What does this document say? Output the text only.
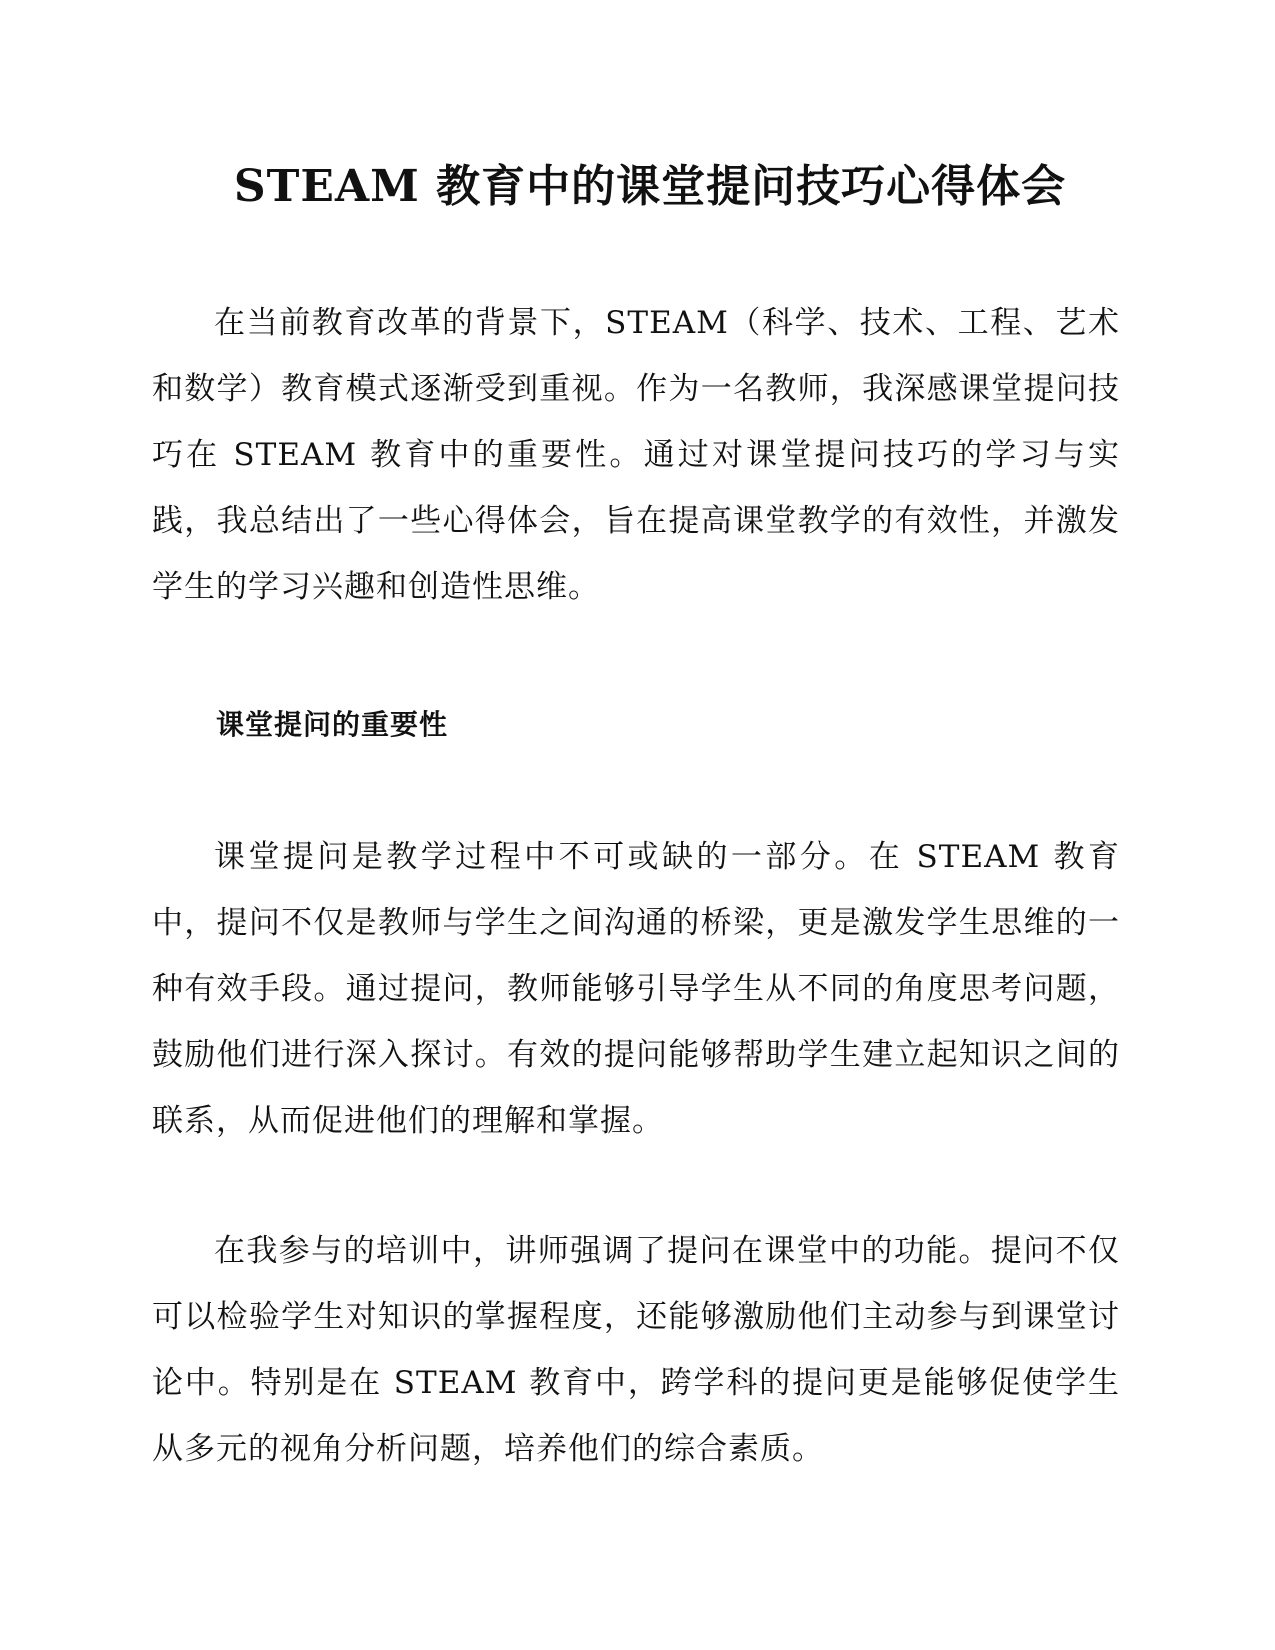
STEAM 教育中的课堂提问技巧心得体会

在当前教育改革的背景下，STEAM（科学、技术、工程、艺术和数学）教育模式逐渐受到重视。作为一名教师，我深感课堂提问技巧在 STEAM 教育中的重要性。通过对课堂提问技巧的学习与实践，我总结出了一些心得体会，旨在提高课堂教学的有效性，并激发学生的学习兴趣和创造性思维。

课堂提问的重要性

课堂提问是教学过程中不可或缺的一部分。在 STEAM 教育中，提问不仅是教师与学生之间沟通的桥梁，更是激发学生思维的一种有效手段。通过提问，教师能够引导学生从不同的角度思考问题，鼓励他们进行深入探讨。有效的提问能够帮助学生建立起知识之间的联系，从而促进他们的理解和掌握。

在我参与的培训中，讲师强调了提问在课堂中的功能。提问不仅可以检验学生对知识的掌握程度，还能够激励他们主动参与到课堂讨论中。特别是在 STEAM 教育中，跨学科的提问更是能够促使学生从多元的视角分析问题，培养他们的综合素质。
